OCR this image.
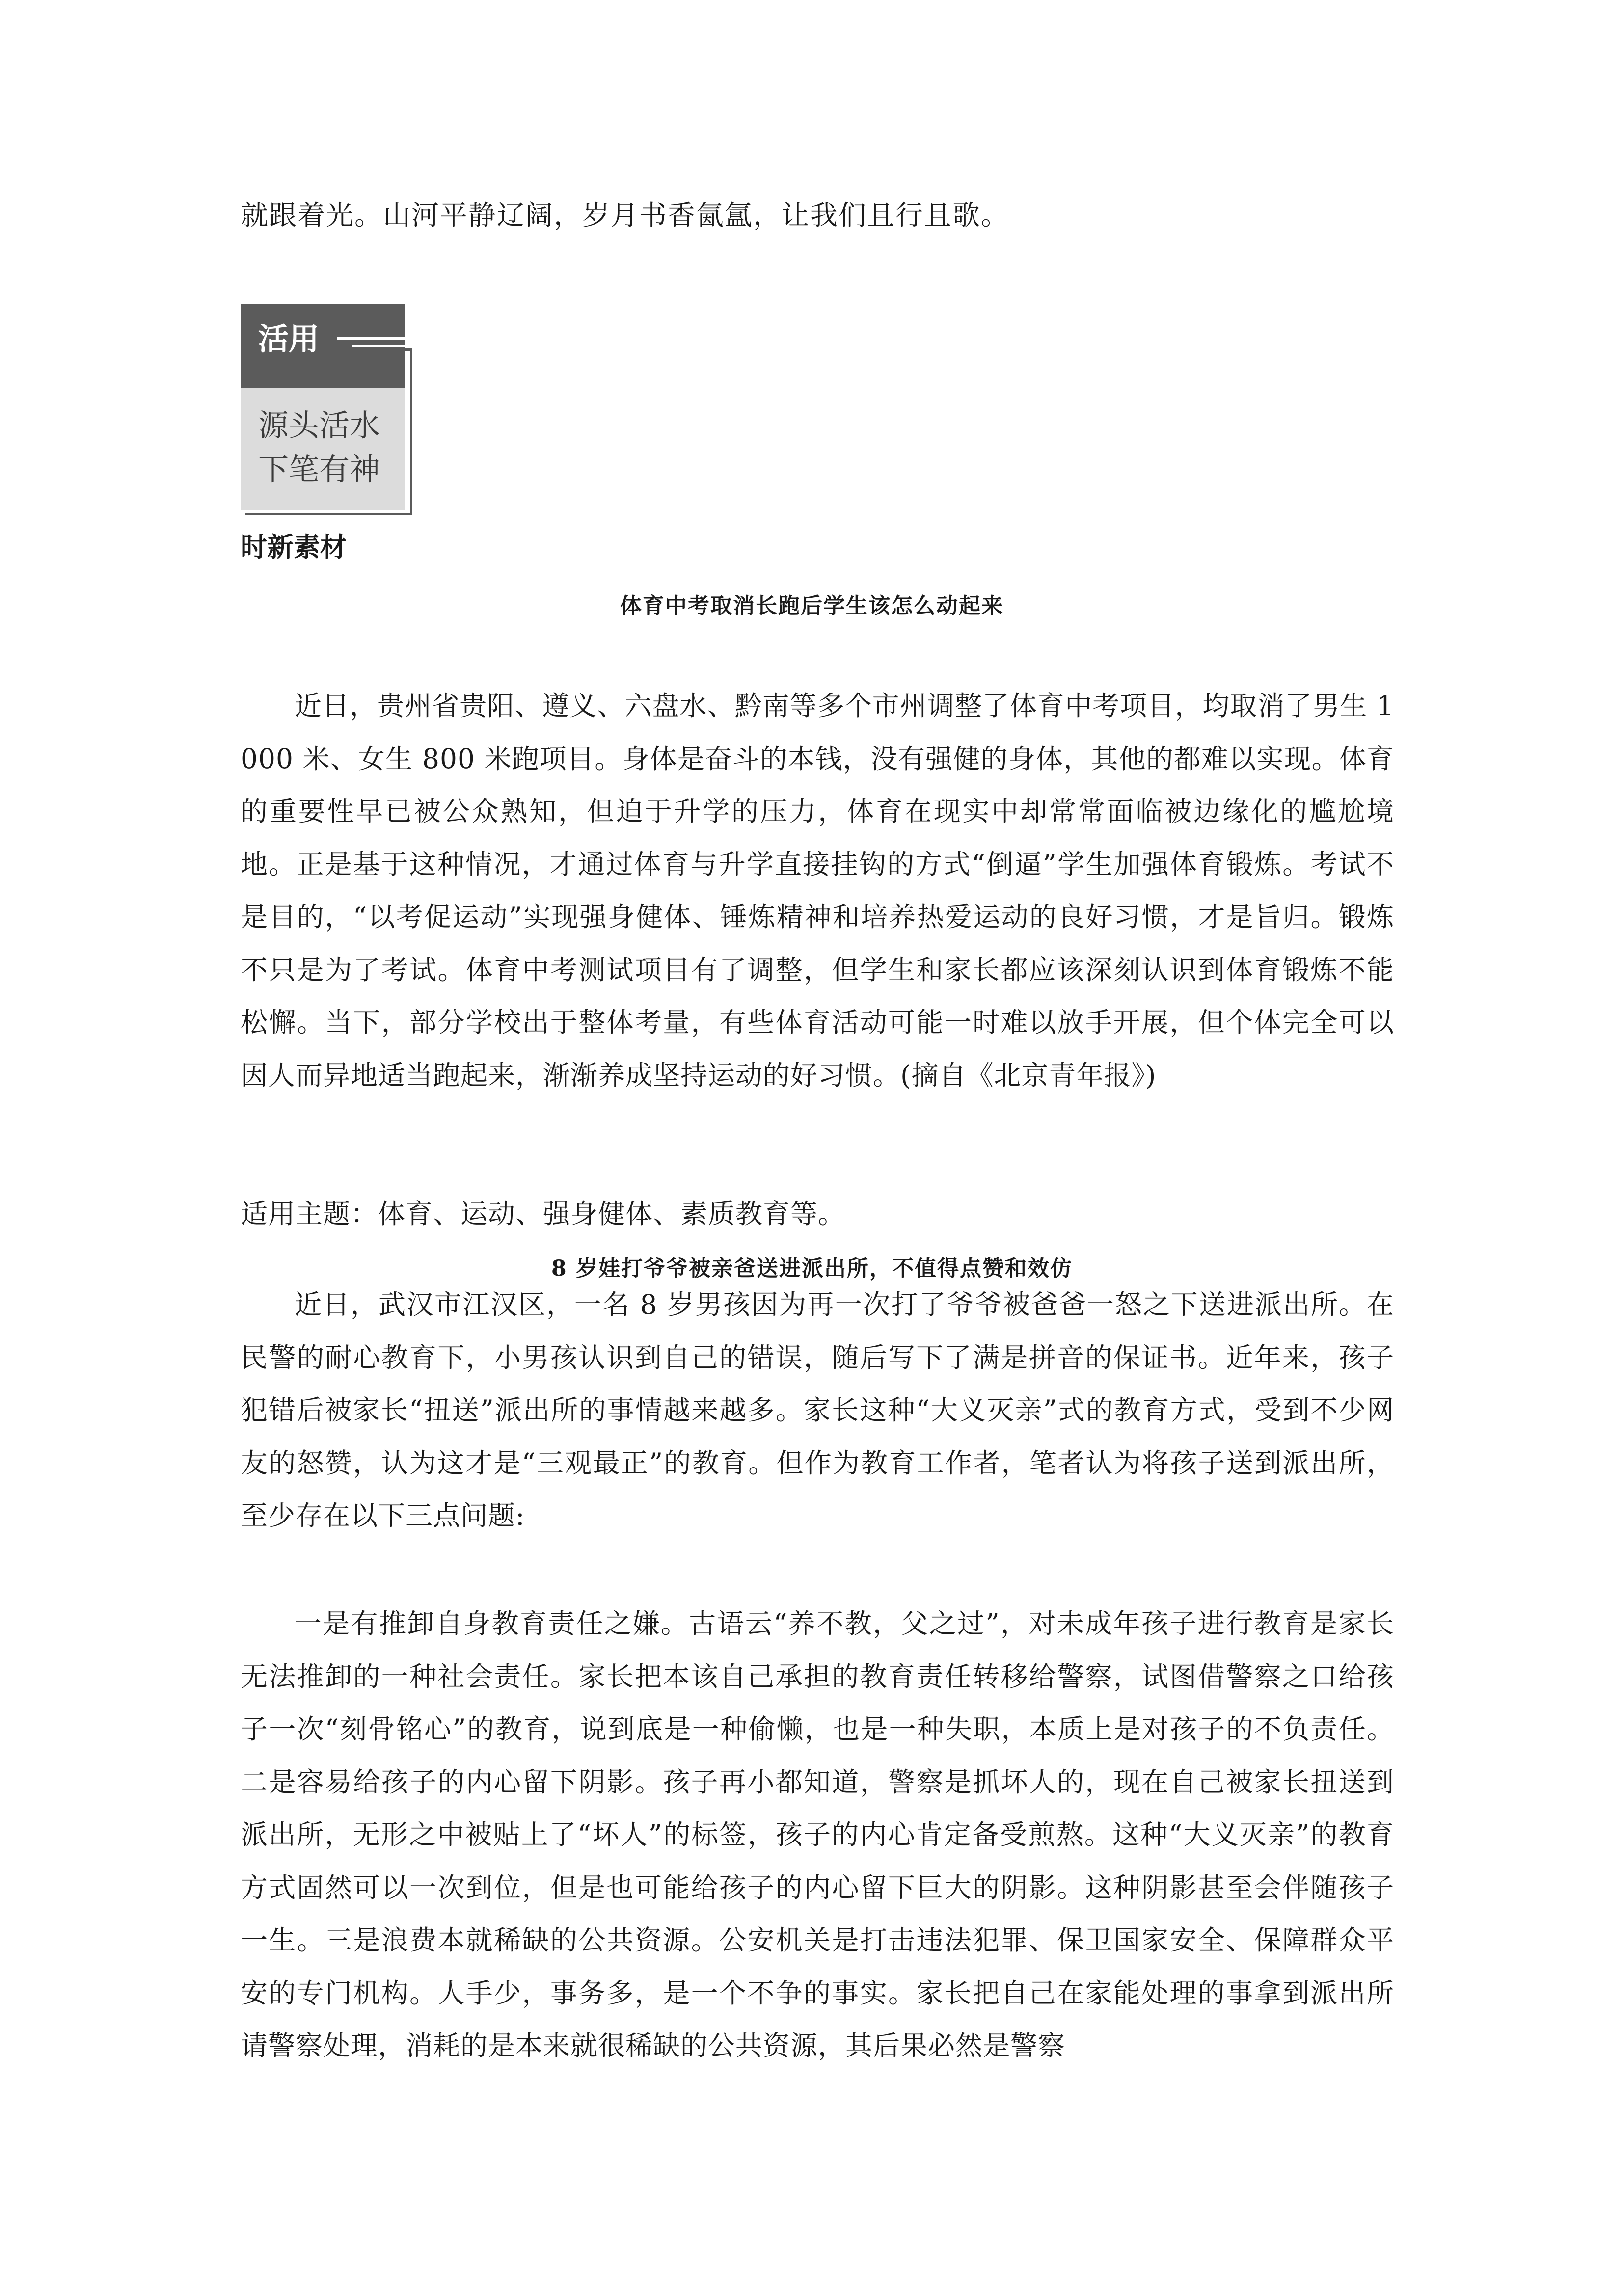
就跟着光。山河平静辽阔，岁月书香氤氲，让我们且行且歌。
活用
源头活水
下笔有神
时新素材
体育中考取消长跑后学生该怎么动起来
近日，贵州省贵阳、遵义、六盘水、黔南等多个市州调整了体育中考项目，均取消了男生 1 000 米、女生 800 米跑项目。身体是奋斗的本钱，没有强健的身体，其他的都难以实现。体育的重要性早已被公众熟知，但迫于升学的压力，体育在现实中却常常面临被边缘化的尴尬境地。正是基于这种情况，才通过体育与升学直接挂钩的方式“倒逼”学生加强体育锻炼。考试不是目的，“以考促运动”实现强身健体、锤炼精神和培养热爱运动的良好习惯，才是旨归。锻炼不只是为了考试。体育中考测试项目有了调整，但学生和家长都应该深刻认识到体育锻炼不能松懈。当下，部分学校出于整体考量，有些体育活动可能一时难以放手开展，但个体完全可以因人而异地适当跑起来，渐渐养成坚持运动的好习惯。(摘自《北京青年报》)
适用主题：体育、运动、强身健体、素质教育等。
8 岁娃打爷爷被亲爸送进派出所，不值得点赞和效仿
近日，武汉市江汉区，一名 8 岁男孩因为再一次打了爷爷被爸爸一怒之下送进派出所。在民警的耐心教育下，小男孩认识到自己的错误，随后写下了满是拼音的保证书。近年来，孩子犯错后被家长“扭送”派出所的事情越来越多。家长这种“大义灭亲”式的教育方式，受到不少网友的怒赞，认为这才是“三观最正”的教育。但作为教育工作者，笔者认为将孩子送到派出所，至少存在以下三点问题:
一是有推卸自身教育责任之嫌。古语云“养不教，父之过”，对未成年孩子进行教育是家长无法推卸的一种社会责任。家长把本该自己承担的教育责任转移给警察，试图借警察之口给孩子一次“刻骨铭心”的教育，说到底是一种偷懒，也是一种失职，本质上是对孩子的不负责任。二是容易给孩子的内心留下阴影。孩子再小都知道，警察是抓坏人的，现在自己被家长扭送到派出所，无形之中被贴上了“坏人”的标签，孩子的内心肯定备受煎熬。这种“大义灭亲”的教育方式固然可以一次到位，但是也可能给孩子的内心留下巨大的阴影。这种阴影甚至会伴随孩子一生。三是浪费本就稀缺的公共资源。公安机关是打击违法犯罪、保卫国家安全、保障群众平安的专门机构。人手少，事务多，是一个不争的事实。家长把自己在家能处理的事拿到派出所请警察处理，消耗的是本来就很稀缺的公共资源，其后果必然是警察
